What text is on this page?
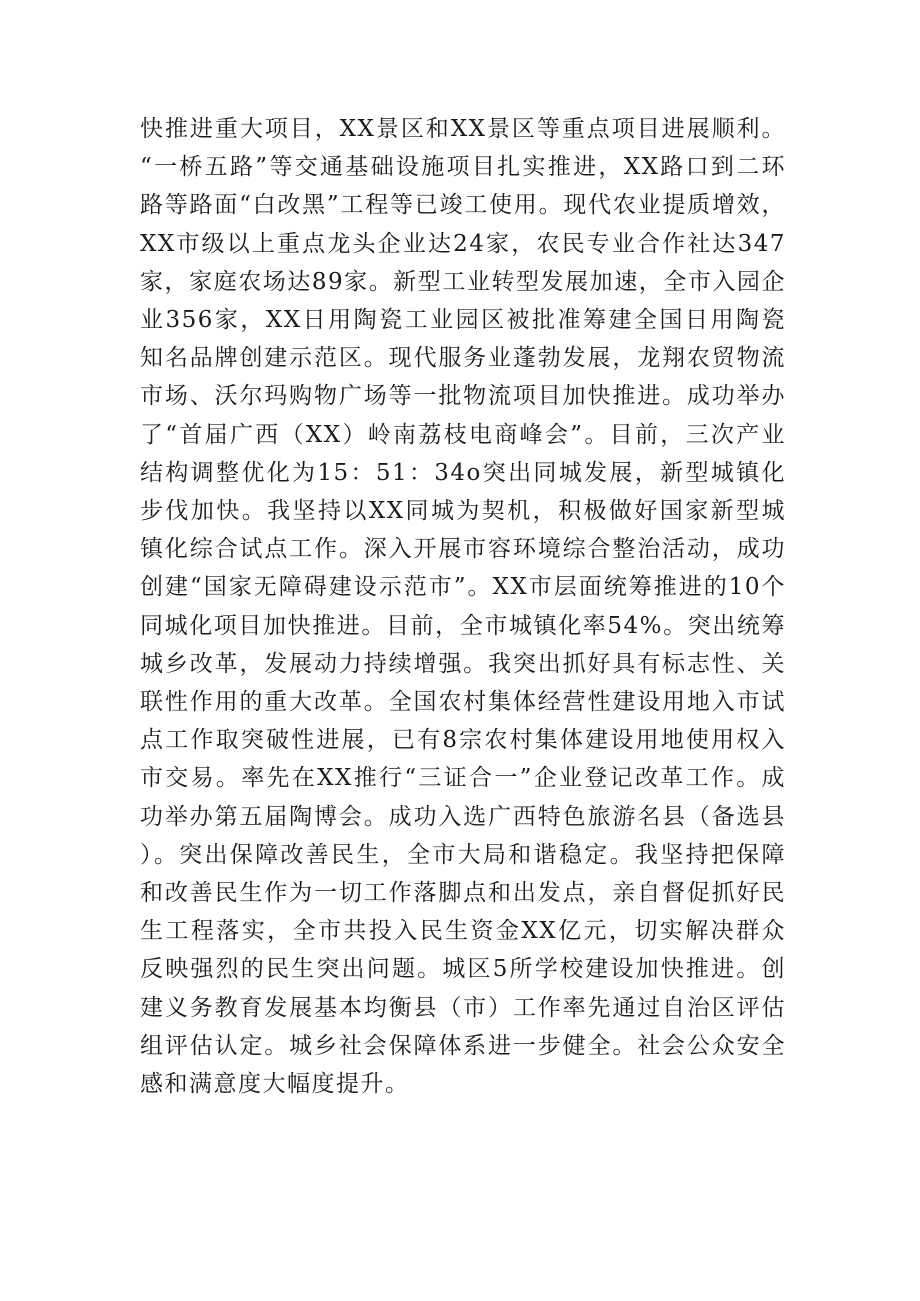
快推进重大项目，XX景区和XX景区等重点项目进展顺利。“一桥五路”等交通基础设施项目扎实推进，XX路口到二环路等路面“白改黑”工程等已竣工使用。现代农业提质增效，XX市级以上重点龙头企业达24家，农民专业合作社达347家，家庭农场达89家。新型工业转型发展加速，全市入园企业356家，XX日用陶瓷工业园区被批准筹建全国日用陶瓷知名品牌创建示范区。现代服务业蓬勃发展，龙翔农贸物流市场、沃尔玛购物广场等一批物流项目加快推进。成功举办了“首届广西（XX）岭南荔枝电商峰会”。目前，三次产业结构调整优化为15：51：34o突出同城发展，新型城镇化步伐加快。我坚持以XX同城为契机，积极做好国家新型城镇化综合试点工作。深入开展市容环境综合整治活动，成功创建“国家无障碍建设示范市”。XX市层面统筹推进的10个同城化项目加快推进。目前，全市城镇化率54%。突出统筹城乡改革，发展动力持续增强。我突出抓好具有标志性、关联性作用的重大改革。全国农村集体经营性建设用地入市试点工作取突破性进展，已有8宗农村集体建设用地使用权入市交易。率先在XX推行“三证合一”企业登记改革工作。成功举办第五届陶博会。成功入选广西特色旅游名县（备选县）。突出保障改善民生，全市大局和谐稳定。我坚持把保障和改善民生作为一切工作落脚点和出发点，亲自督促抓好民生工程落实，全市共投入民生资金XX亿元，切实解决群众反映强烈的民生突出问题。城区5所学校建设加快推进。创建义务教育发展基本均衡县（市）工作率先通过自治区评估组评估认定。城乡社会保障体系进一步健全。社会公众安全感和满意度大幅度提升。
